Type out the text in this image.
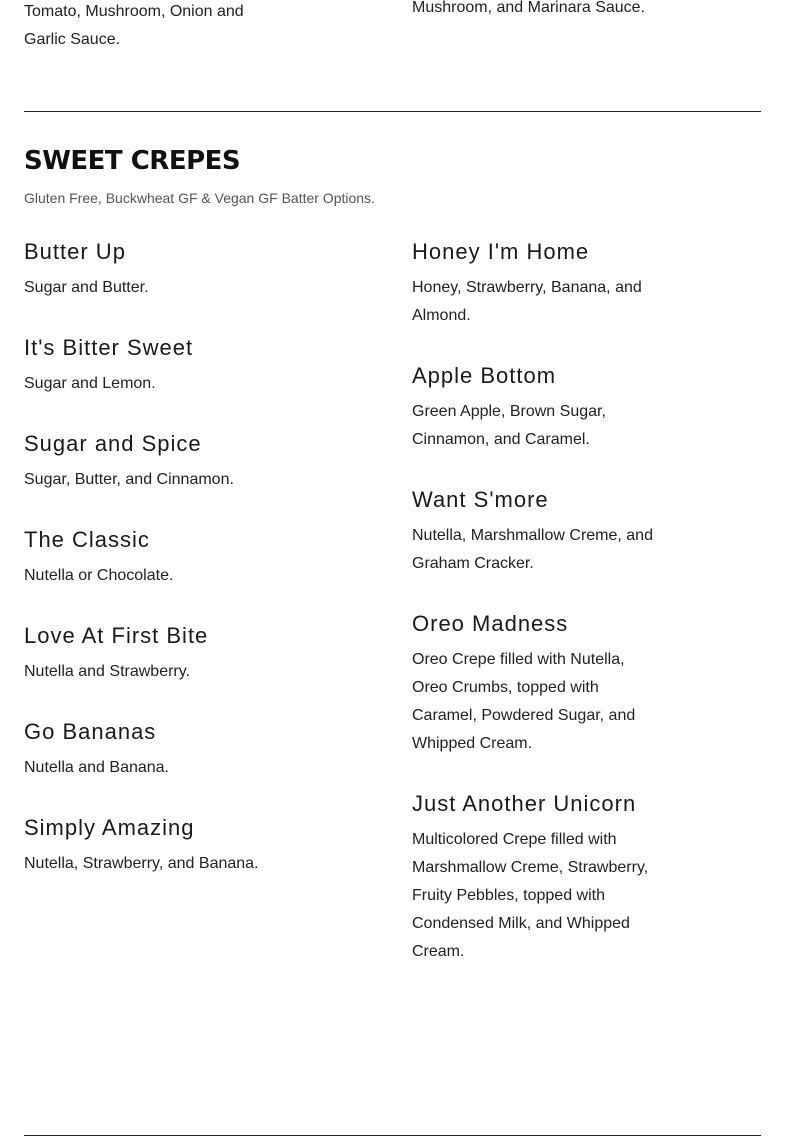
Tomato, Mushroom, Onion and Garlic Sauce.
Mushroom, and Marinara Sauce.
SWEET CREPES
Gluten Free, Buckwheat GF & Vegan GF Batter Options.
Butter Up

Sugar and Butter.

It's Bitter Sweet

Sugar and Lemon.

Sugar and Spice

Sugar, Butter, and Cinnamon.

The Classic

Nutella or Chocolate.

Love At First Bite

Nutella and Strawberry.

Go Bananas

Nutella and Banana.

Simply Amazing

Nutella, Strawberry, and Banana.

Honey I'm Home

Honey, Strawberry, Banana, and Almond.

Apple Bottom

Green Apple, Brown Sugar, Cinnamon, and Caramel.

Want S'more

Nutella, Marshmallow Creme, and Graham Cracker.

Oreo Madness

Oreo Crepe filled with Nutella, Oreo Crumbs, topped with Caramel, Powdered Sugar, and Whipped Cream.

Just Another Unicorn

Multicolored Crepe filled with Marshmallow Creme, Strawberry, Fruity Pebbles, topped with Condensed Milk, and Whipped Cream.
